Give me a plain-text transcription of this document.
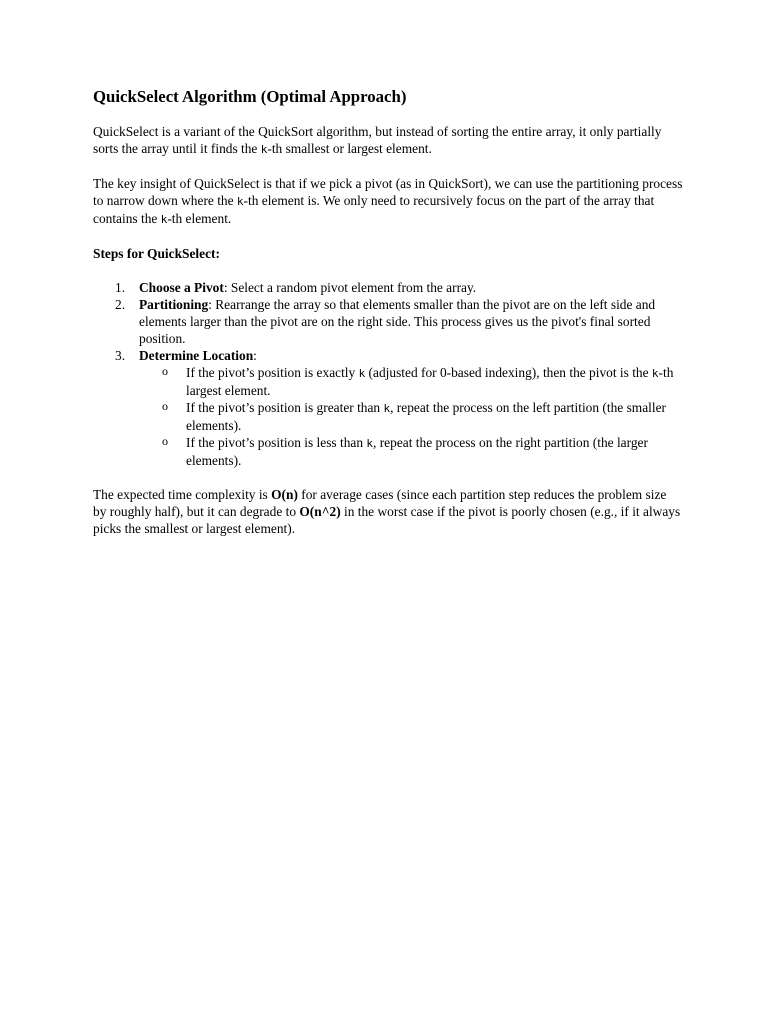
QuickSelect Algorithm (Optimal Approach)

QuickSelect is a variant of the QuickSort algorithm, but instead of sorting the entire array, it only partially sorts the array until it finds the k-th smallest or largest element.

The key insight of QuickSelect is that if we pick a pivot (as in QuickSort), we can use the partitioning process to narrow down where the k-th element is. We only need to recursively focus on the part of the array that contains the k-th element.

Steps for QuickSelect:

1. Choose a Pivot: Select a random pivot element from the array.
2. Partitioning: Rearrange the array so that elements smaller than the pivot are on the left side and elements larger than the pivot are on the right side. This process gives us the pivot's final sorted position.
3. Determine Location:
o If the pivot’s position is exactly k (adjusted for 0-based indexing), then the pivot is the k-th largest element.
o If the pivot’s position is greater than k, repeat the process on the left partition (the smaller elements).
o If the pivot’s position is less than k, repeat the process on the right partition (the larger elements).

The expected time complexity is O(n) for average cases (since each partition step reduces the problem size by roughly half), but it can degrade to O(n^2) in the worst case if the pivot is poorly chosen (e.g., if it always picks the smallest or largest element).
